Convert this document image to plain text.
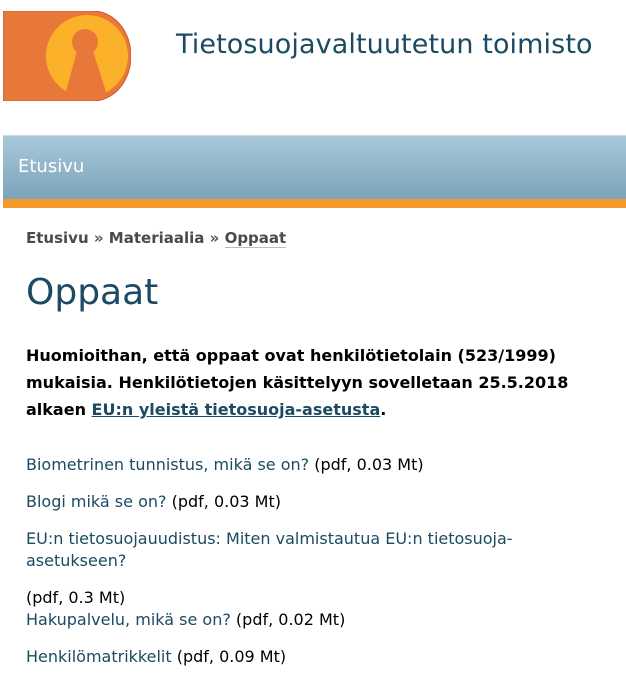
Tietosuojavaltuutetun toimisto
Etusivu
Etusivu » Materiaalia » Oppaat
Oppaat

Huomioithan, että oppaat ovat henkilötietolain (523/1999) mukaisia. Henkilötietojen käsittelyyn sovelletaan 25.5.2018 alkaen EU:n yleistä tietosuoja-asetusta.

Biometrinen tunnistus, mikä se on? (pdf, 0.03 Mt)

Blogi mikä se on? (pdf, 0.03 Mt)

EU:n tietosuojauudistus: Miten valmistautua EU:n tietosuoja-asetukseen?

(pdf, 0.3 Mt)

Hakupalvelu, mikä se on? (pdf, 0.02 Mt)

Henkilömatrikkelit (pdf, 0.09 Mt)
